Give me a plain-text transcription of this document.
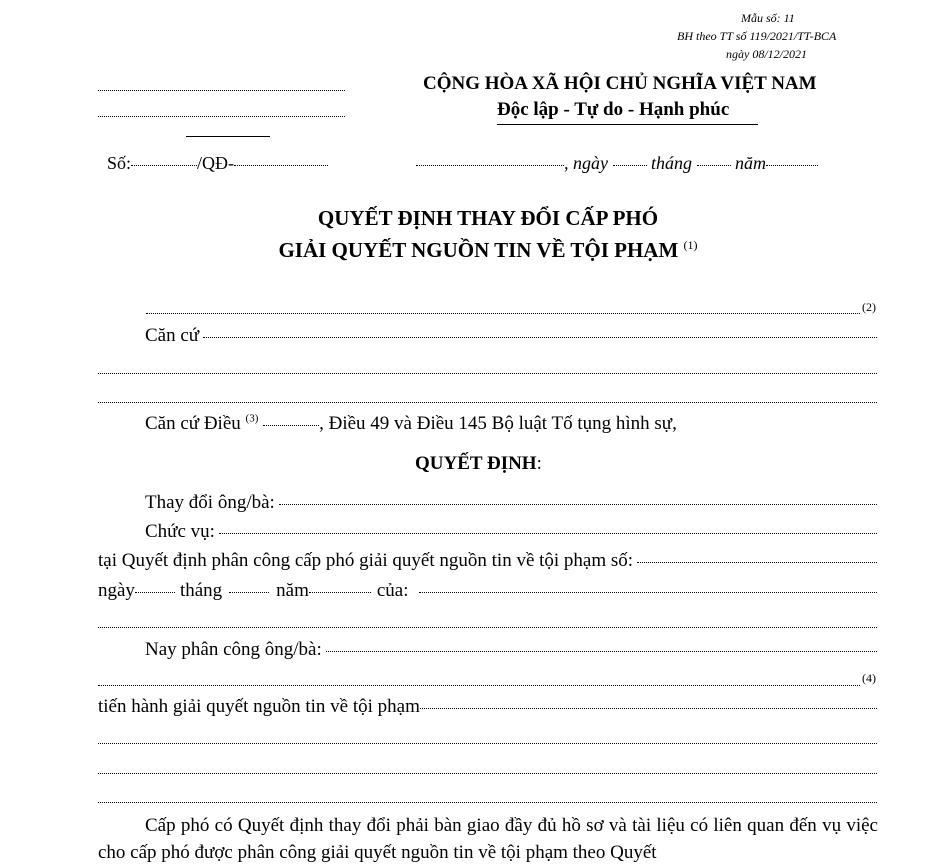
Mẫu số: 11
BH theo TT số 119/2021/TT-BCA
ngày 08/12/2021
CỘNG HÒA XÃ HỘI CHỦ NGHĨA VIỆT NAM
Độc lập - Tự do - Hạnh phúc
Số:	/QĐ-	, ngày tháng năm
QUYẾT ĐỊNH THAY ĐỔI CẤP PHÓ
GIẢI QUYẾT NGUỒN TIN VỀ TỘI PHẠM $^{(1)}$
(2)
Căn cứ
Căn cứ Điều $^{(3)}$	, Điều 49 và Điều 145 Bộ luật Tố tụng hình sự,
QUYẾT ĐỊNH:
Thay đổi ông/bà:
Chức vụ:
tại Quyết định phân công cấp phó giải quyết nguồn tin về tội phạm số:
ngày tháng	năm	của:
Nay phân công ông/bà:
(4)
tiến hành giải quyết nguồn tin về tội phạm
Cấp phó có Quyết định thay đổi phải bàn giao đầy đủ hồ sơ và tài liệu có liên quan đến vụ việc cho cấp phó được phân công giải quyết nguồn tin về tội phạm theo Quyết
